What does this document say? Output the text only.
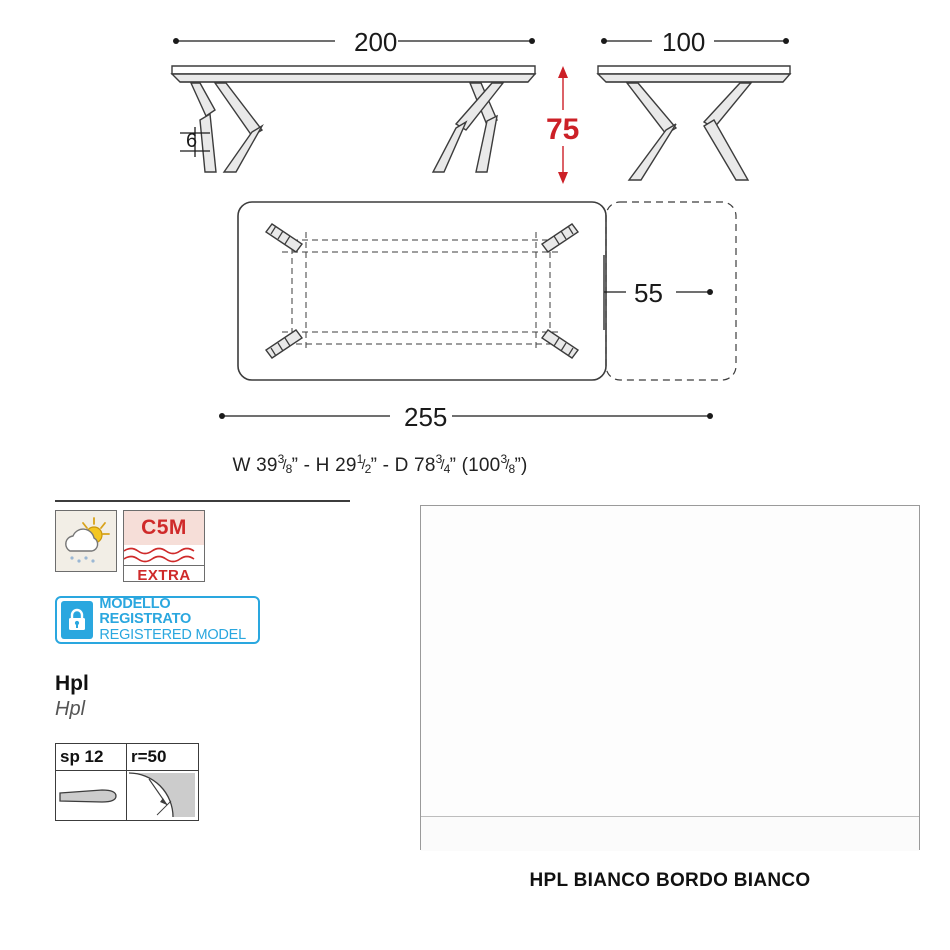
200
6
100
75
55
255
W 39 3
/
8 ” - H 29 1
/
2 ” - D 78 3
/
4 ” (100 3
/
8 ”)
C5M
EXTRA
MODELLO REGISTRATO
REGISTERED MODEL
Hpl
Hpl
sp 12	r=50
HPL BIANCO BORDO BIANCO
